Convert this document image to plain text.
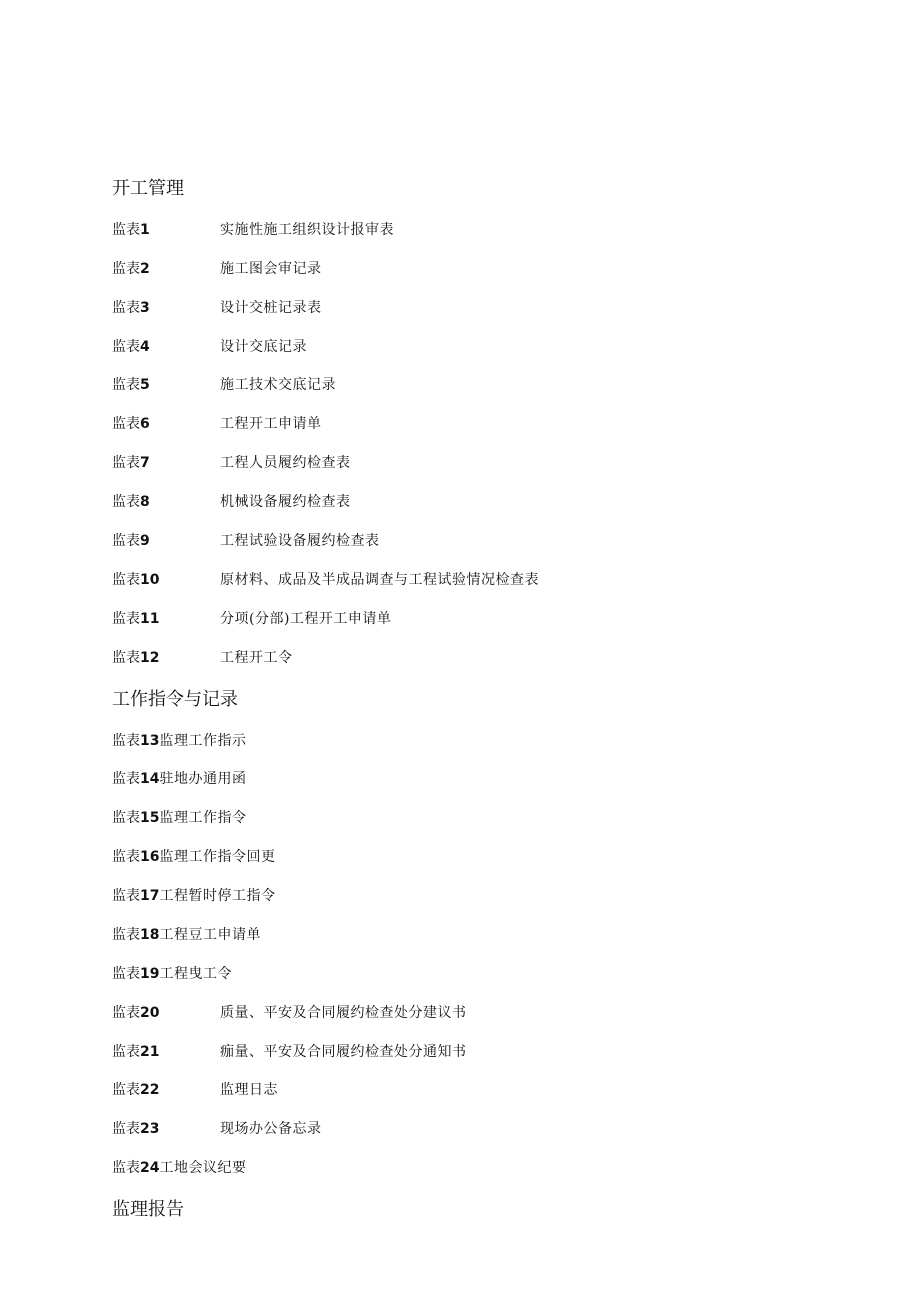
开工管理
监表1	实施性施工组织设计报审表
监表2	施工图会审记录
监表3	设计交桩记录表
监表4	设计交底记录
监表5	施工技术交底记录
监表6	工程开工申请单
监表7	工程人员履约检查表
监表8	机械设备履约检查表
监表9	工程试验设备履约检查表
监表10	原材料、成品及半成品调查与工程试验情况检查表
监表11	分项(分部)工程开工申请单
监表12	工程开工令
工作指令与记录
监表13监理工作指示
监表14驻地办通用函
监表15监理工作指令
监表16监理工作指令回更
监表17工程暂时停工指令
监表18工程豆工申请单
监表19工程曳工令
监表20	质量、平安及合同履约检查处分建议书
监表21	痂量、平安及合同履约检查处分通知书
监表22	监理日志
监表23	现场办公备忘录
监表24工地会议纪要
监理报告
